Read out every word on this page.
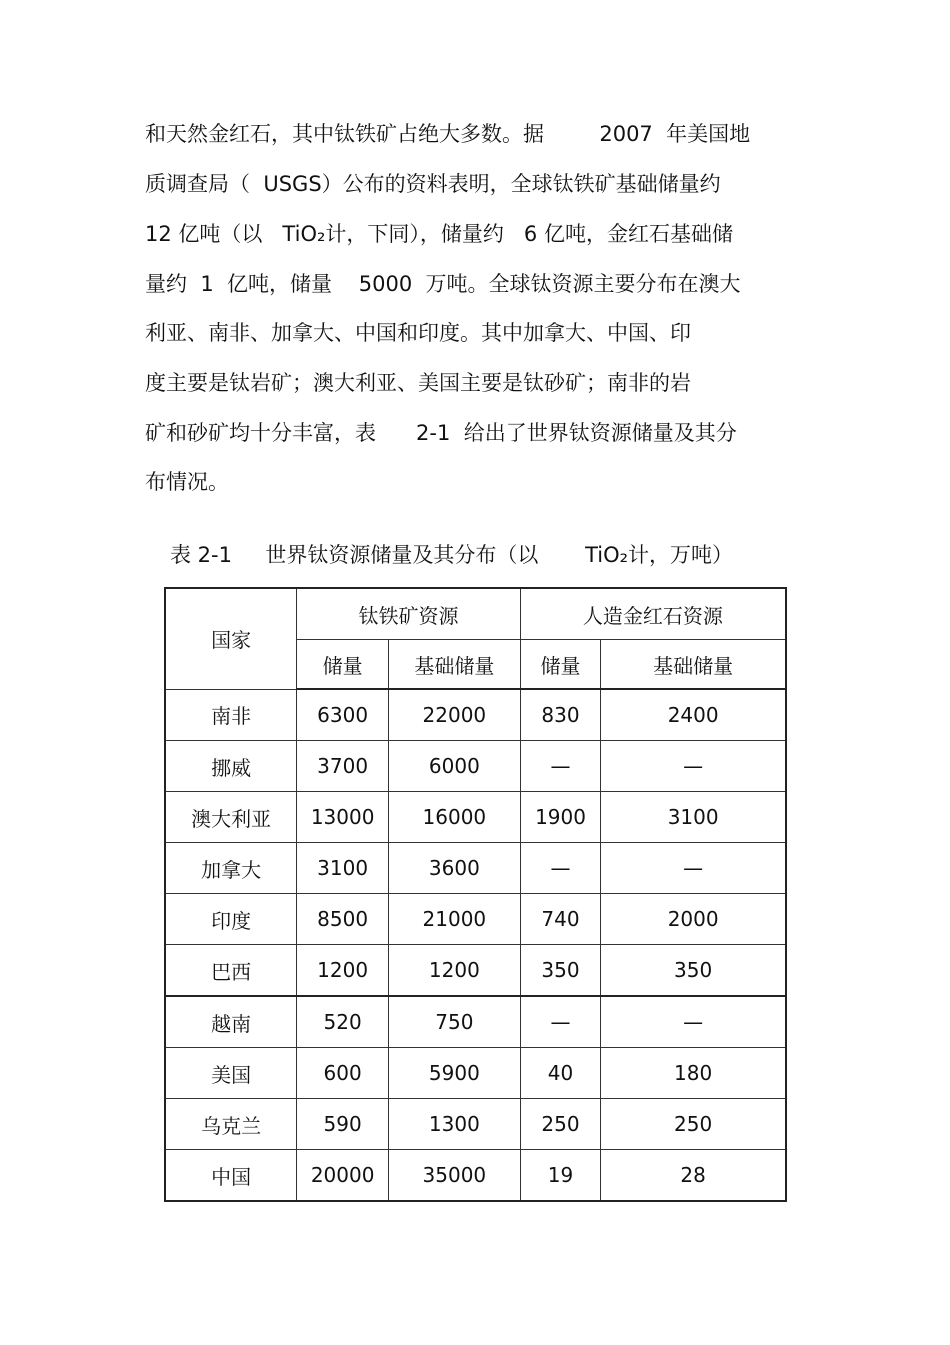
和天然金红石，其中钛铁矿占绝大多数。据　　  2007  年美国地

质调查局（  USGS）公布的资料表明，全球钛铁矿基础储量约

12 亿吨（以   TiO₂计，下同），储量约   6 亿吨，金红石基础储

量约  1  亿吨，储量    5000  万吨。全球钛资源主要分布在澳大

利亚、南非、加拿大、中国和印度。其中加拿大、中国、印

度主要是钛岩矿；澳大利亚、美国主要是钛砂矿；南非的岩

矿和砂矿均十分丰富，表      2-1  给出了世界钛资源储量及其分

布情况。

表 2-1     世界钛资源储量及其分布（以       TiO₂计，万吨）

国家	钛铁矿资源		人造金红石资源	
	储量	基础储量	储量	基础储量
南非	6300	22000	830	2400
挪威	3700	6000	—	—
澳大利亚	13000	16000	1900	3100
加拿大	3100	3600	—	—
印度	8500	21000	740	2000
巴西	1200	1200	350	350
越南	520	750	—	—
美国	600	5900	40	180
乌克兰	590	1300	250	250
中国	20000	35000	19	28
